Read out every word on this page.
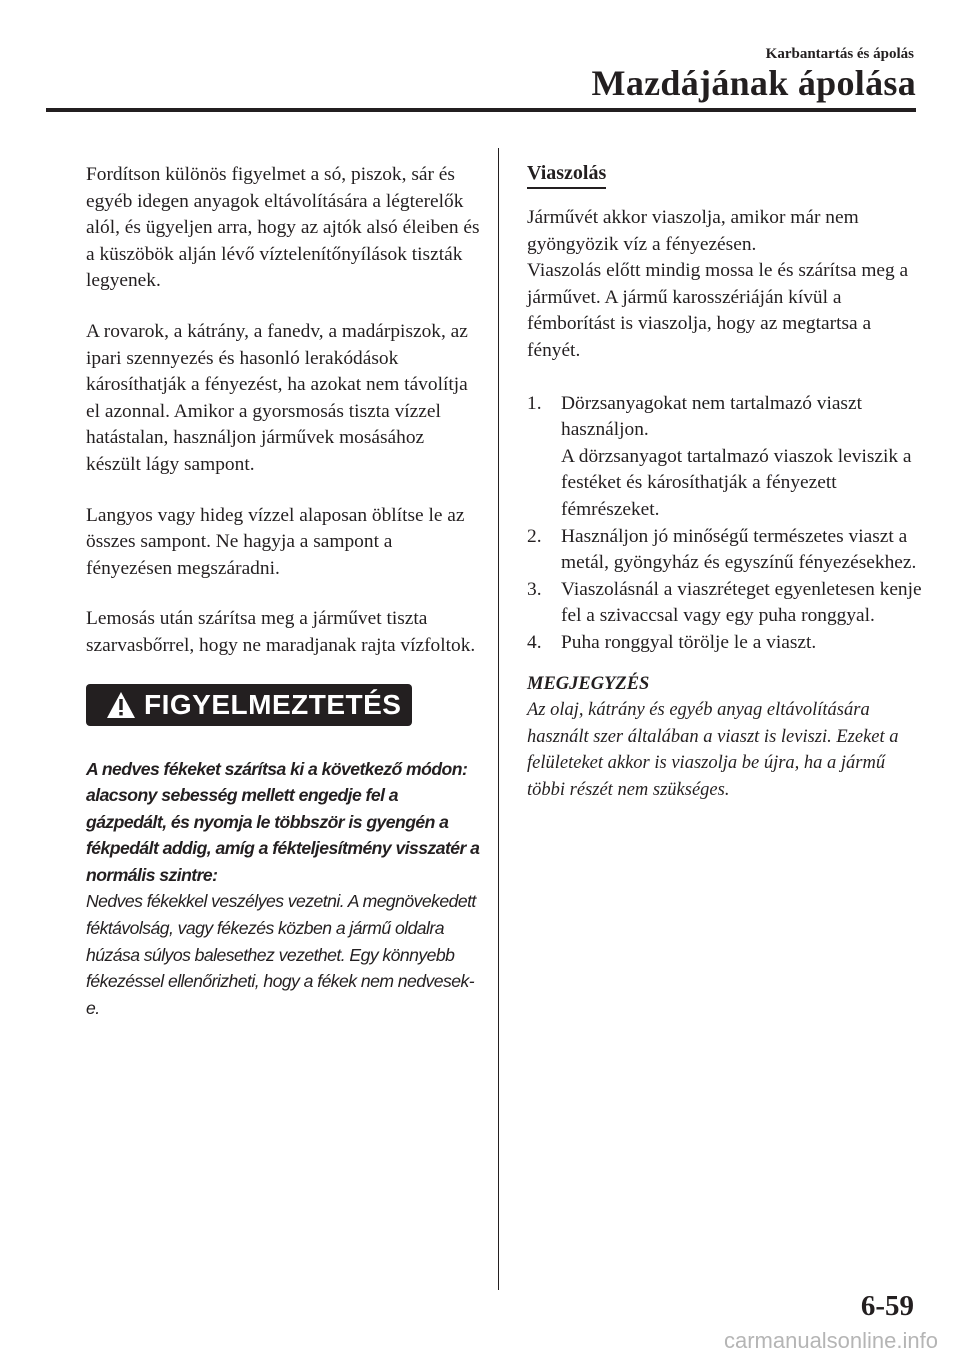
Karbantartás és ápolás
Mazdájának ápolása

Fordítson különös figyelmet a só, piszok, sár és egyéb idegen anyagok eltávolítására a légterelők alól, és ügyeljen arra, hogy az ajtók alsó éleiben és a küszöbök alján lévő víztelenítőnyílások tiszták legyenek.

A rovarok, a kátrány, a fanedv, a madárpiszok, az ipari szennyezés és hasonló lerakódások károsíthatják a fényezést, ha azokat nem távolítja el azonnal. Amikor a gyorsmosás tiszta vízzel hatástalan, használjon járművek mosásához készült lágy sampont.

Langyos vagy hideg vízzel alaposan öblítse le az összes sampont. Ne hagyja a sampont a fényezésen megszáradni.

Lemosás után szárítsa meg a járművet tiszta szarvasbőrrel, hogy ne maradjanak rajta vízfoltok.

FIGYELMEZTETÉS
A nedves fékeket szárítsa ki a következő módon: alacsony sebesség mellett engedje fel a gázpedált, és nyomja le többször is gyengén a fékpedált addig, amíg a fékteljesítmény visszatér a normális szintre:
Nedves fékekkel veszélyes vezetni. A megnövekedett féktávolság, vagy fékezés közben a jármű oldalra húzása súlyos balesethez vezethet. Egy könnyebb fékezéssel ellenőrizheti, hogy a fékek nem nedvesek-e.
Viaszolás

Járművét akkor viaszolja, amikor már nem gyöngyözik víz a fényezésen.

Viaszolás előtt mindig mossa le és szárítsa meg a járművet. A jármű karosszériáján kívül a fémborítást is viaszolja, hogy az megtartsa a fényét.

1.	Dörzsanyagokat nem tartalmazó viaszt használjon.
A dörzsanyagot tartalmazó viaszok leviszik a festéket és károsíthatják a fényezett fémrészeket.
2.	Használjon jó minőségű természetes viaszt a metál, gyöngyház és egyszínű fényezésekhez.
3.	Viaszolásnál a viaszréteget egyenletesen kenje fel a szivaccsal vagy egy puha ronggyal.
4.	Puha ronggyal törölje le a viaszt.
MEGJEGYZÉS
Az olaj, kátrány és egyéb anyag eltávolítására használt szer általában a viaszt is leviszi. Ezeket a felületeket akkor is viaszolja be újra, ha a jármű többi részét nem szükséges.
6-59
carmanualsonline.info
